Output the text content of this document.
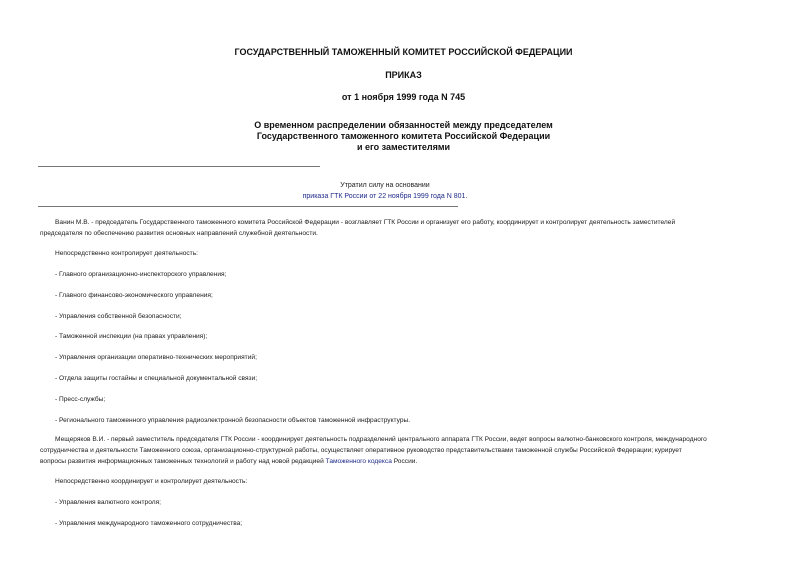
ГОСУДАРСТВЕННЫЙ ТАМОЖЕННЫЙ КОМИТЕТ РОССИЙСКОЙ ФЕДЕРАЦИИ
ПРИКАЗ
от 1 ноября 1999 года N 745
О временном распределении обязанностей между председателем
Государственного таможенного комитета Российской Федерации
и его заместителями
Утратил силу на основании
приказа ГТК России от 22 ноября 1999 года N 801.
Ванин М.В. - председатель Государственного таможенного комитета Российской Федерации - возглавляет ГТК России и организует его работу, координирует и контролирует деятельность заместителей
председателя по обеспечению развития основных направлений служебной деятельности.
Непосредственно контролирует деятельность:
- Главного организационно-инспекторского управления;
- Главного финансово-экономического управления;
- Управления собственной безопасности;
- Таможенной инспекции (на правах управления);
- Управления организации оперативно-технических мероприятий;
- Отдела защиты гостайны и специальной документальной связи;
- Пресс-службы;
- Регионального таможенного управления радиоэлектронной безопасности объектов таможенной инфраструктуры.
Мещеряков В.И. - первый заместитель председателя ГТК России - координирует деятельность подразделений центрального аппарата ГТК России, ведет вопросы валютно-банковского контроля, международного
сотрудничества и деятельности Таможенного союза, организационно-структурной работы, осуществляет оперативное руководство представительствами таможенной службы Российской Федерации; курирует
вопросы развития информационных таможенных технологий и работу над новой редакцией Таможенного кодекса России.
Непосредственно координирует и контролирует деятельность:
- Управления валютного контроля;
- Управления международного таможенного сотрудничества;
